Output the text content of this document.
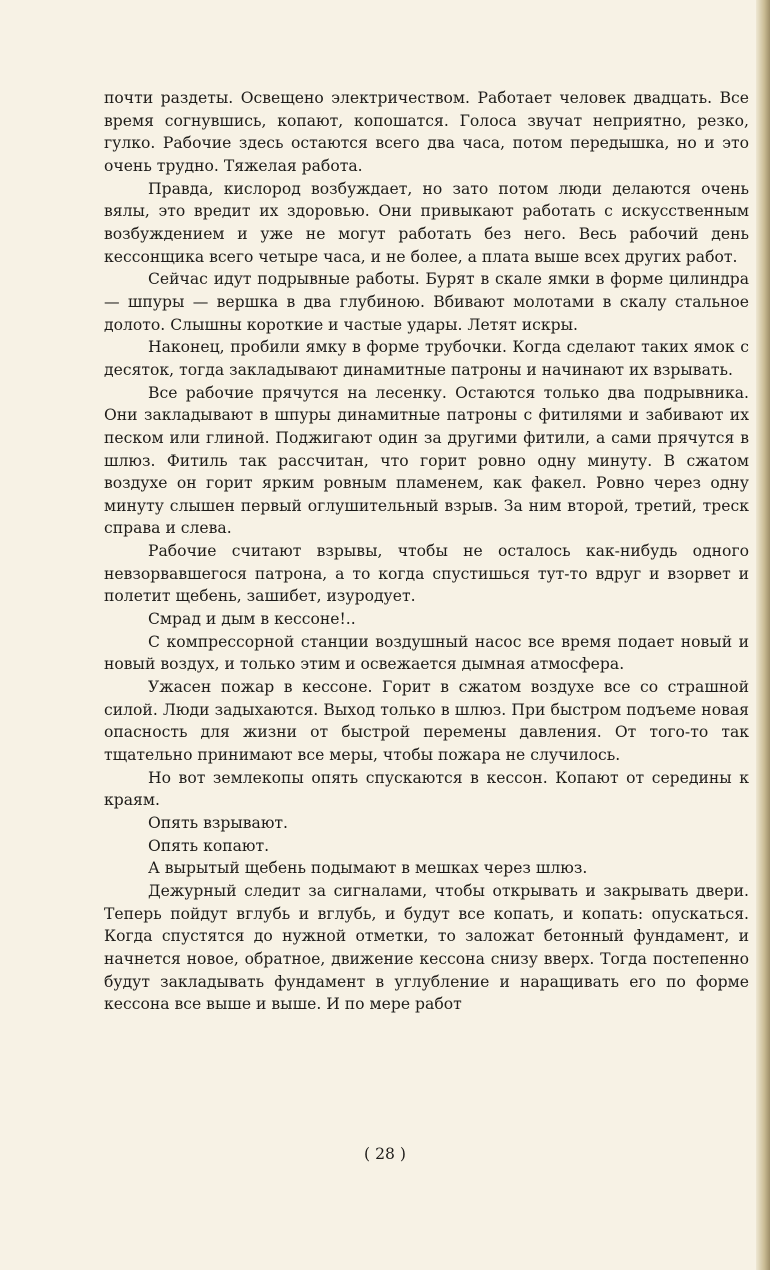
почти раздеты. Освещено электричеством. Работает человек двадцать. Все время согнувшись, копают, копошатся. Голоса звучат неприятно, резко, гулко. Рабочие здесь остаются всего два часа, потом передышка, но и это очень трудно. Тяжелая работа.

Правда, кислород возбуждает, но зато потом люди делаются очень вялы, это вредит их здоровью. Они привыкают работать с искусственным возбуждением и уже не могут работать без него. Весь рабочий день кессонщика всего четыре часа, и не более, а плата выше всех других работ.

Сейчас идут подрывные работы. Бурят в скале ямки в форме цилиндра — шпуры — вершка в два глубиною. Вбивают молотами в скалу стальное долото. Слышны короткие и частые удары. Летят искры.

Наконец, пробили ямку в форме трубочки. Когда сделают таких ямок с десяток, тогда закладывают динамитные патроны и начинают их взрывать.

Все рабочие прячутся на лесенку. Остаются только два подрывника. Они закладывают в шпуры динамитные патроны с фитилями и забивают их песком или глиной. Поджигают один за другими фитили, а сами прячутся в шлюз. Фитиль так рассчитан, что горит ровно одну минуту. В сжатом воздухе он горит ярким ровным пламенем, как факел. Ровно через одну минуту слышен первый оглушительный взрыв. За ним второй, третий, треск справа и слева.

Рабочие считают взрывы, чтобы не осталось как-нибудь одного невзорвавшегося патрона, а то когда спустишься тут-то вдруг и взорвет и полетит щебень, зашибет, изуродует.

Смрад и дым в кессоне!..

С компрессорной станции воздушный насос все время подает новый и новый воздух, и только этим и освежается дымная атмосфера.

Ужасен пожар в кессоне. Горит в сжатом воздухе все со страшной силой. Люди задыхаются. Выход только в шлюз. При быстром подъеме новая опасность для жизни от быстрой перемены давления. От того-то так тщательно принимают все меры, чтобы пожара не случилось.

Но вот землекопы опять спускаются в кессон. Копают от середины к краям.

Опять взрывают.

Опять копают.

А вырытый щебень подымают в мешках через шлюз.

Дежурный следит за сигналами, чтобы открывать и закрывать двери. Теперь пойдут вглубь и вглубь, и будут все копать, и копать: опускаться. Когда спустятся до нужной отметки, то заложат бетонный фундамент, и начнется новое, обратное, движение кессона снизу вверх. Тогда постепенно будут закладывать фундамент в углубление и наращивать его по форме кессона все выше и выше. И по мере работ

( 28 )
